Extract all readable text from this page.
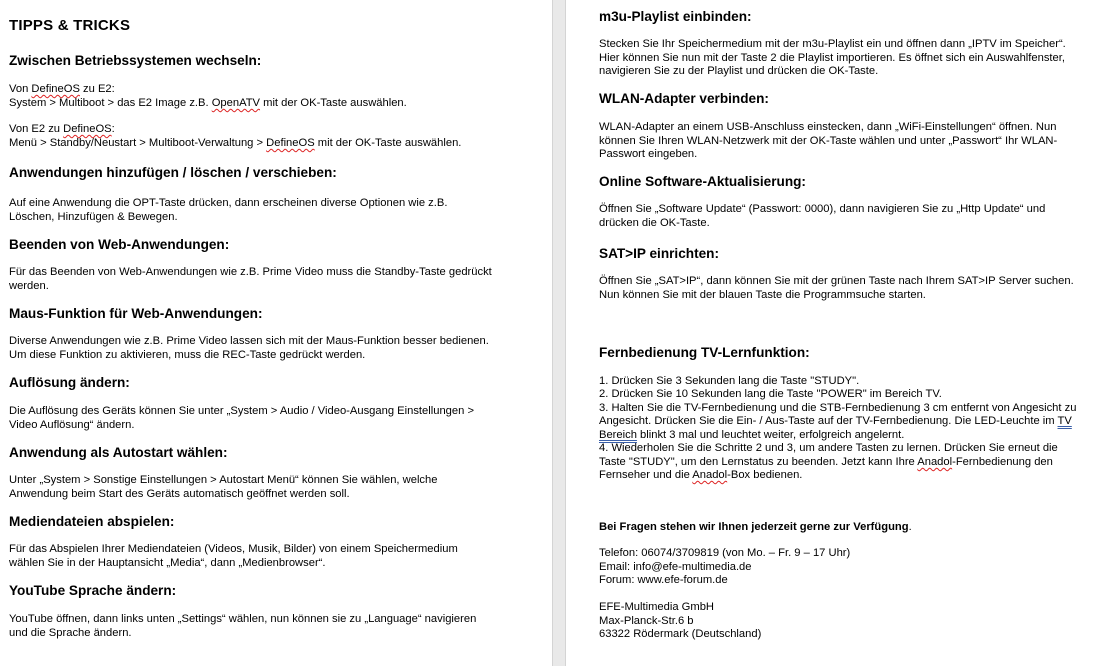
TIPPS & TRICKS
Zwischen Betriebssystemen wechseln:
Von DefineOS zu E2:
System > Multiboot > das E2 Image z.B. OpenATV mit der OK-Taste auswählen.
Von E2 zu DefineOS:
Menü > Standby/Neustart > Multiboot-Verwaltung > DefineOS mit der OK-Taste auswählen.
Anwendungen hinzufügen / löschen / verschieben:
Auf eine Anwendung die OPT-Taste drücken, dann erscheinen diverse Optionen wie z.B.
Löschen, Hinzufügen & Bewegen.
Beenden von Web-Anwendungen:
Für das Beenden von Web-Anwendungen wie z.B. Prime Video muss die Standby-Taste gedrückt
werden.
Maus-Funktion für Web-Anwendungen:
Diverse Anwendungen wie z.B. Prime Video lassen sich mit der Maus-Funktion besser bedienen.
Um diese Funktion zu aktivieren, muss die REC-Taste gedrückt werden.
Auflösung ändern:
Die Auflösung des Geräts können Sie unter „System > Audio / Video-Ausgang Einstellungen >
Video Auflösung“ ändern.
Anwendung als Autostart wählen:
Unter „System > Sonstige Einstellungen > Autostart Menü“ können Sie wählen, welche
Anwendung beim Start des Geräts automatisch geöffnet werden soll.
Mediendateien abspielen:
Für das Abspielen Ihrer Mediendateien (Videos, Musik, Bilder) von einem Speichermedium
wählen Sie in der Hauptansicht „Media“, dann „Medienbrowser“.
YouTube Sprache ändern:
YouTube öffnen, dann links unten „Settings“ wählen, nun können sie zu „Language“ navigieren
und die Sprache ändern.
m3u-Playlist einbinden:
Stecken Sie Ihr Speichermedium mit der m3u-Playlist ein und öffnen dann „IPTV im Speicher“.
Hier können Sie nun mit der Taste 2 die Playlist importieren. Es öffnet sich ein Auswahlfenster,
navigieren Sie zu der Playlist und drücken die OK-Taste.
WLAN-Adapter verbinden:
WLAN-Adapter an einem USB-Anschluss einstecken, dann „WiFi-Einstellungen“ öffnen. Nun
können Sie Ihren WLAN-Netzwerk mit der OK-Taste wählen und unter „Passwort“ Ihr WLAN-
Passwort eingeben.
Online Software-Aktualisierung:
Öffnen Sie „Software Update“ (Passwort: 0000), dann navigieren Sie zu „Http Update“ und
drücken die OK-Taste.
SAT>IP einrichten:
Öffnen Sie „SAT>IP“, dann können Sie mit der grünen Taste nach Ihrem SAT>IP Server suchen.
Nun können Sie mit der blauen Taste die Programmsuche starten.
Fernbedienung TV-Lernfunktion:
1. Drücken Sie 3 Sekunden lang die Taste "STUDY".
2. Drücken Sie 10 Sekunden lang die Taste "POWER" im Bereich TV.
3. Halten Sie die TV-Fernbedienung und die STB-Fernbedienung 3 cm entfernt von Angesicht zu
Angesicht. Drücken Sie die Ein- / Aus-Taste auf der TV-Fernbedienung. Die LED-Leuchte im TV
Bereich blinkt 3 mal und leuchtet weiter, erfolgreich angelernt.
4. Wiederholen Sie die Schritte 2 und 3, um andere Tasten zu lernen. Drücken Sie erneut die
Taste "STUDY", um den Lernstatus zu beenden. Jetzt kann Ihre Anadol-Fernbedienung den
Fernseher und die Anadol-Box bedienen.
Bei Fragen stehen wir Ihnen jederzeit gerne zur Verfügung.
Telefon: 06074/3709819 (von Mo. – Fr. 9 – 17 Uhr)
Email: info@efe-multimedia.de
Forum: www.efe-forum.de
EFE-Multimedia GmbH
Max-Planck-Str.6 b
63322 Rödermark (Deutschland)
